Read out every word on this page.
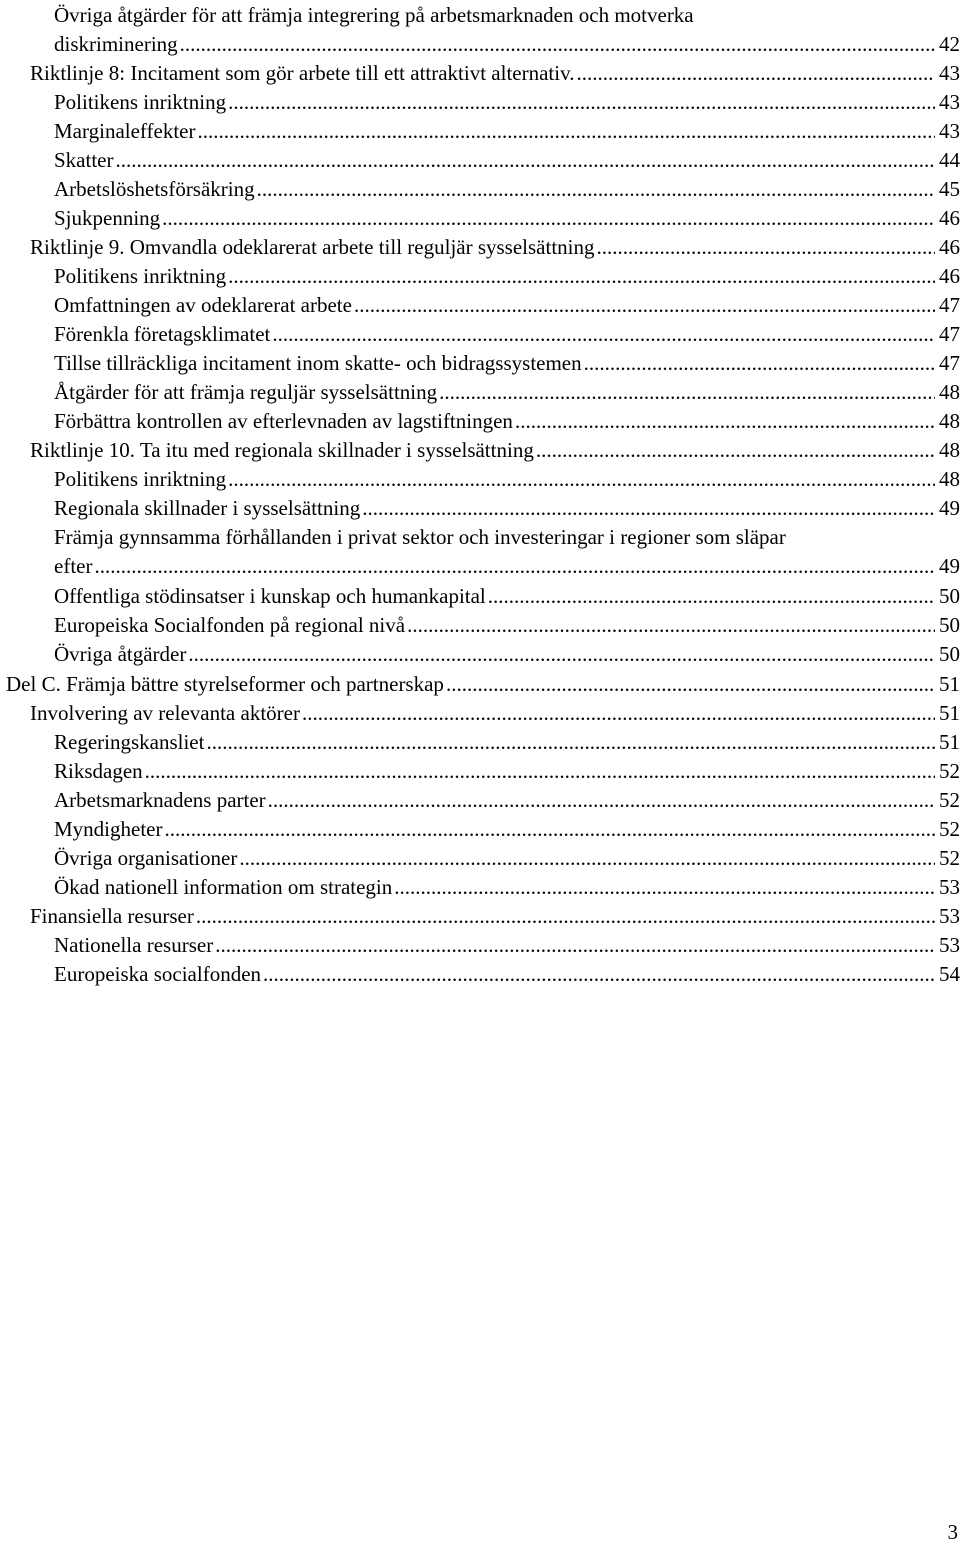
Övriga åtgärder för att främja integrering på arbetsmarknaden och motverka
diskriminering .....	42
Riktlinje 8: Incitament som gör arbete till ett attraktivt alternativ. .....	43
Politikens inriktning .....	43
Marginaleffekter .....	43
Skatter .....	44
Arbetslöshetsförsäkring .....	45
Sjukpenning .....	46
Riktlinje 9. Omvandla odeklarerat arbete till reguljär sysselsättning .....	46
Politikens inriktning .....	46
Omfattningen av odeklarerat arbete .....	47
Förenkla företagsklimatet .....	47
Tillse tillräckliga incitament inom skatte- och bidragssystemen .....	47
Åtgärder för att främja reguljär sysselsättning .....	48
Förbättra kontrollen av efterlevnaden av lagstiftningen .....	48
Riktlinje 10. Ta itu med regionala skillnader i sysselsättning .....	48
Politikens inriktning .....	48
Regionala skillnader i sysselsättning .....	49
Främja gynnsamma förhållanden i privat sektor och investeringar i regioner som släpar
efter .....	49
Offentliga stödinsatser i kunskap och humankapital .....	50
Europeiska Socialfonden på regional nivå .....	50
Övriga åtgärder .....	50
Del C. Främja bättre styrelseformer och partnerskap .....	51
Involvering av relevanta aktörer .....	51
Regeringskansliet .....	51
Riksdagen .....	52
Arbetsmarknadens parter .....	52
Myndigheter .....	52
Övriga organisationer .....	52
Ökad nationell information om strategin .....	53
Finansiella resurser .....	53
Nationella resurser .....	53
Europeiska socialfonden .....	54
3
